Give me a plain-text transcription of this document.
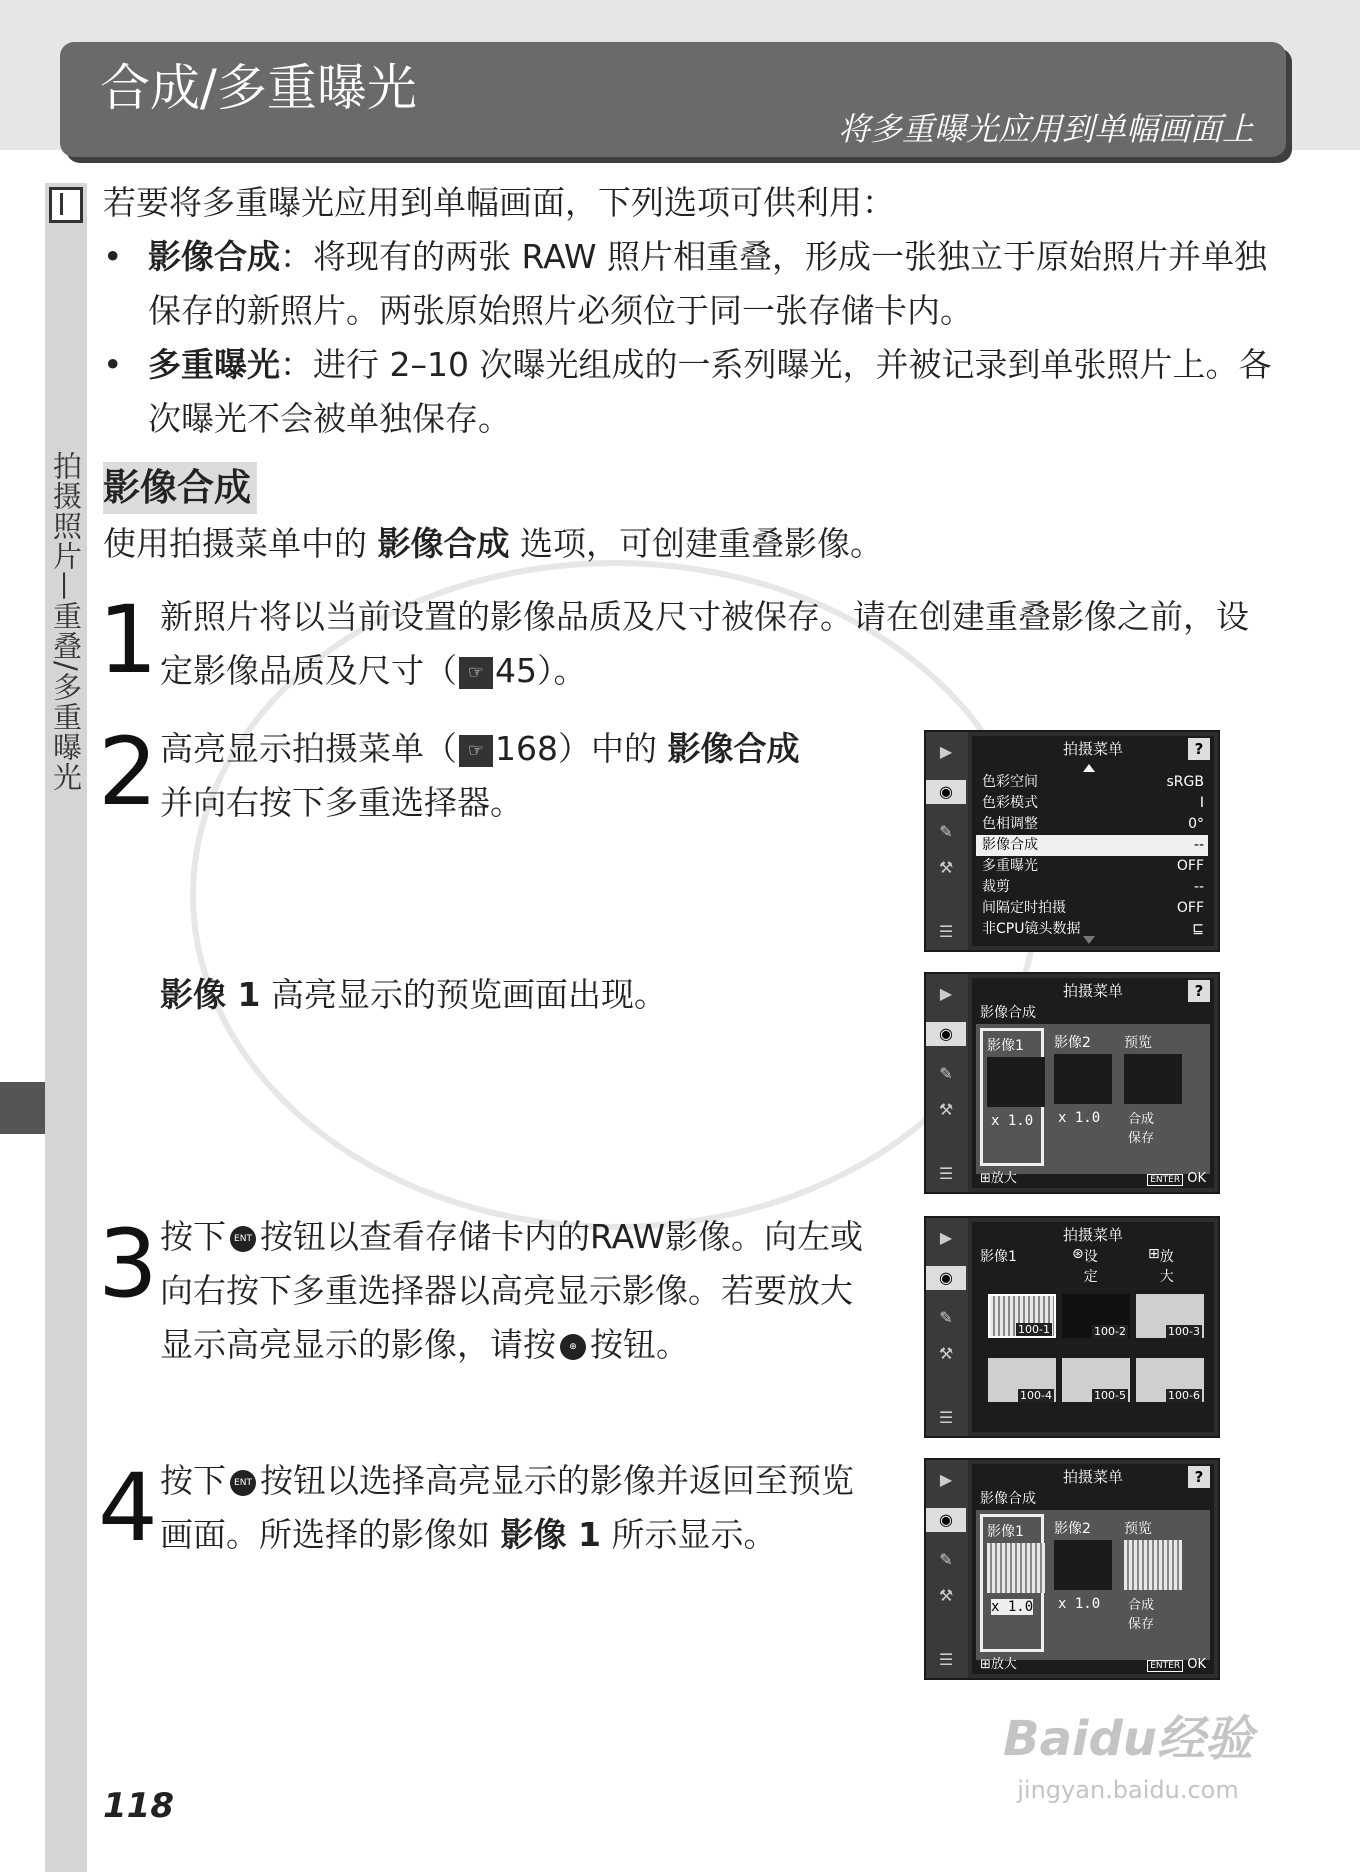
合成/多重曝光
将多重曝光应用到单幅画面上
拍摄照片—重叠/多重曝光
若要将多重曝光应用到单幅画面，下列选项可供利用：
• 影像合成：将现有的两张 RAW 照片相重叠，形成一张独立于原始照片并单独保存的新照片。两张原始照片必须位于同一张存储卡内。
• 多重曝光：进行 2–10 次曝光组成的一系列曝光，并被记录到单张照片上。各次曝光不会被单独保存。
影像合成
使用拍摄菜单中的 影像合成 选项，可创建重叠影像。
1 新照片将以当前设置的影像品质及尺寸被保存。请在创建重叠影像之前，设定影像品质及尺寸（ ☞ 45）。
2 高亮显示拍摄菜单（ ☞ 168）中的 影像合成
并向右按下多重选择器。
影像 1 高亮显示的预览画面出现。
3 按下 ENT 按钮以查看存储卡内的RAW影像。向左或向右按下多重选择器以高亮显示影像。若要放大显示高亮显示的影像，请按 ⊕ 按钮。
4 按下 ENT 按钮以选择高亮显示的影像并返回至预览画面。所选择的影像如 影像 1 所示显示。
▶
◉
✎
⚒
☰
拍摄菜单	?
色彩空间	sRGB
色彩模式	I
色相调整	0°
影像合成	--
多重曝光	OFF
裁剪	--
间隔定时拍摄	OFF
非CPU镜头数据	⊑
▶
◉
✎
⚒
☰
拍摄菜单	?
影像合成
影像1
x 1.0
影像2
x 1.0
预览
合成
保存
⊞放大	ENTER OK
▶
◉
✎
⚒
☰
拍摄菜单
影像1	⊛ 设定
⊞ 放大
100-1	100-2	100-3
100-4	100-5	100-6
▶
◉
✎
⚒
☰
拍摄菜单	?
影像合成
影像1
x 1.0
影像2
x 1.0
预览
合成
保存
⊞放大	ENTER OK
Baidu经验
jingyan.baidu.com
118
